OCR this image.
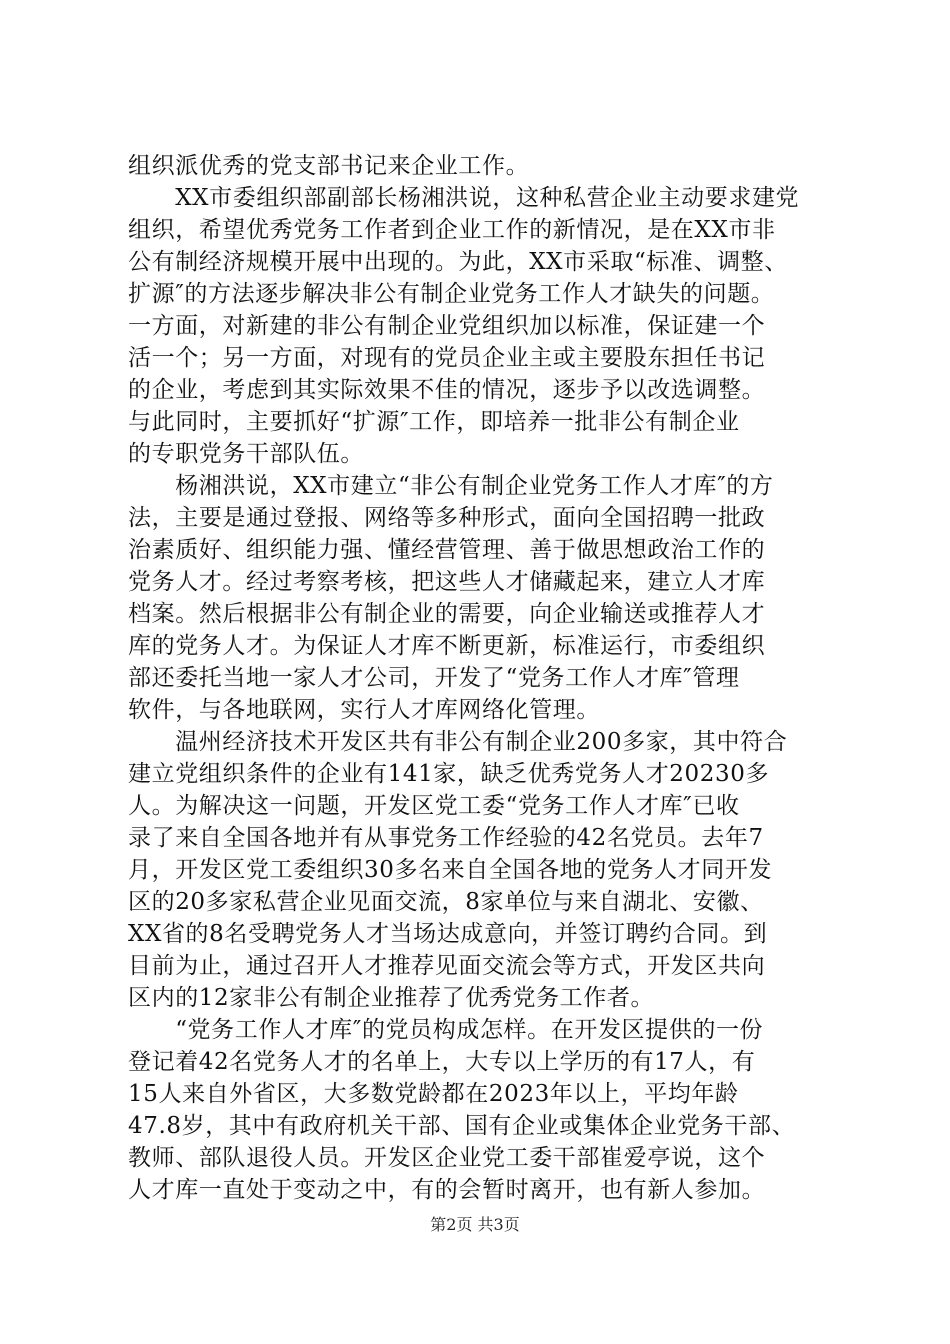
组织派优秀的党支部书记来企业工作。
　　XX市委组织部副部长杨湘洪说，这种私营企业主动要求建党
组织，希望优秀党务工作者到企业工作的新情况，是在XX市非
公有制经济规模开展中出现的。为此，XX市采取“标准、调整、
扩源″的方法逐步解决非公有制企业党务工作人才缺失的问题。
一方面，对新建的非公有制企业党组织加以标准，保证建一个
活一个；另一方面，对现有的党员企业主或主要股东担任书记
的企业，考虑到其实际效果不佳的情况，逐步予以改选调整。
与此同时，主要抓好“扩源″工作，即培养一批非公有制企业
的专职党务干部队伍。
　　杨湘洪说，XX市建立“非公有制企业党务工作人才库″的方
法，主要是通过登报、网络等多种形式，面向全国招聘一批政
治素质好、组织能力强、懂经营管理、善于做思想政治工作的
党务人才。经过考察考核，把这些人才储藏起来，建立人才库
档案。然后根据非公有制企业的需要，向企业输送或推荐人才
库的党务人才。为保证人才库不断更新，标准运行，市委组织
部还委托当地一家人才公司，开发了“党务工作人才库″管理
软件，与各地联网，实行人才库网络化管理。
　　温州经济技术开发区共有非公有制企业200多家，其中符合
建立党组织条件的企业有141家，缺乏优秀党务人才20230多
人。为解决这一问题，开发区党工委“党务工作人才库″已收
录了来自全国各地并有从事党务工作经验的42名党员。去年7
月，开发区党工委组织30多名来自全国各地的党务人才同开发
区的20多家私营企业见面交流，8家单位与来自湖北、安徽、
XX省的8名受聘党务人才当场达成意向，并签订聘约合同。到
目前为止，通过召开人才推荐见面交流会等方式，开发区共向
区内的12家非公有制企业推荐了优秀党务工作者。
　　“党务工作人才库″的党员构成怎样。在开发区提供的一份
登记着42名党务人才的名单上，大专以上学历的有17人，有
15人来自外省区，大多数党龄都在2023年以上，平均年龄
47.8岁，其中有政府机关干部、国有企业或集体企业党务干部、
教师、部队退役人员。开发区企业党工委干部崔爱亭说，这个
人才库一直处于变动之中，有的会暂时离开，也有新人参加。
第2页 共3页
